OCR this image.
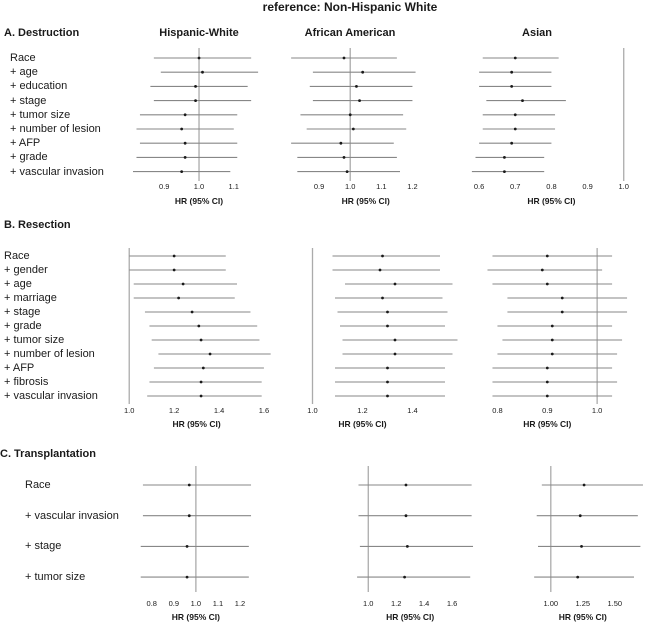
0.9	1.0	1.1
HR (95% CI)
0.9	1.0	1.1	1.2
HR (95% CI)
0.6	0.7	0.8	0.9	1.0
HR (95% CI)
1.0	1.2	1.4	1.6
HR (95% CI)
1.0	1.2	1.4
HR (95% CI)
0.8	0.9	1.0
HR (95% CI)
0.8 0.9 1.0 1.1 1.2
HR (95% CI)
1.0 1.2 1.4 1.6
HR (95% CI)
1.00 1.25 1.50
HR (95% CI)
reference: Non-Hispanic White
A. Destruction	Hispanic-White	African American	Asian
Race
+ age
+ education
+ stage
+ tumor size
+ number of lesion
+ AFP
+ grade
+ vascular invasion
B. Resection
Race
+ gender
+ age
+ marriage
+ stage
+ grade
+ tumor size
+ number of lesion
+ AFP
+ fibrosis
+ vascular invasion
C. Transplantation
Race
+ vascular invasion
+ stage
+ tumor size
